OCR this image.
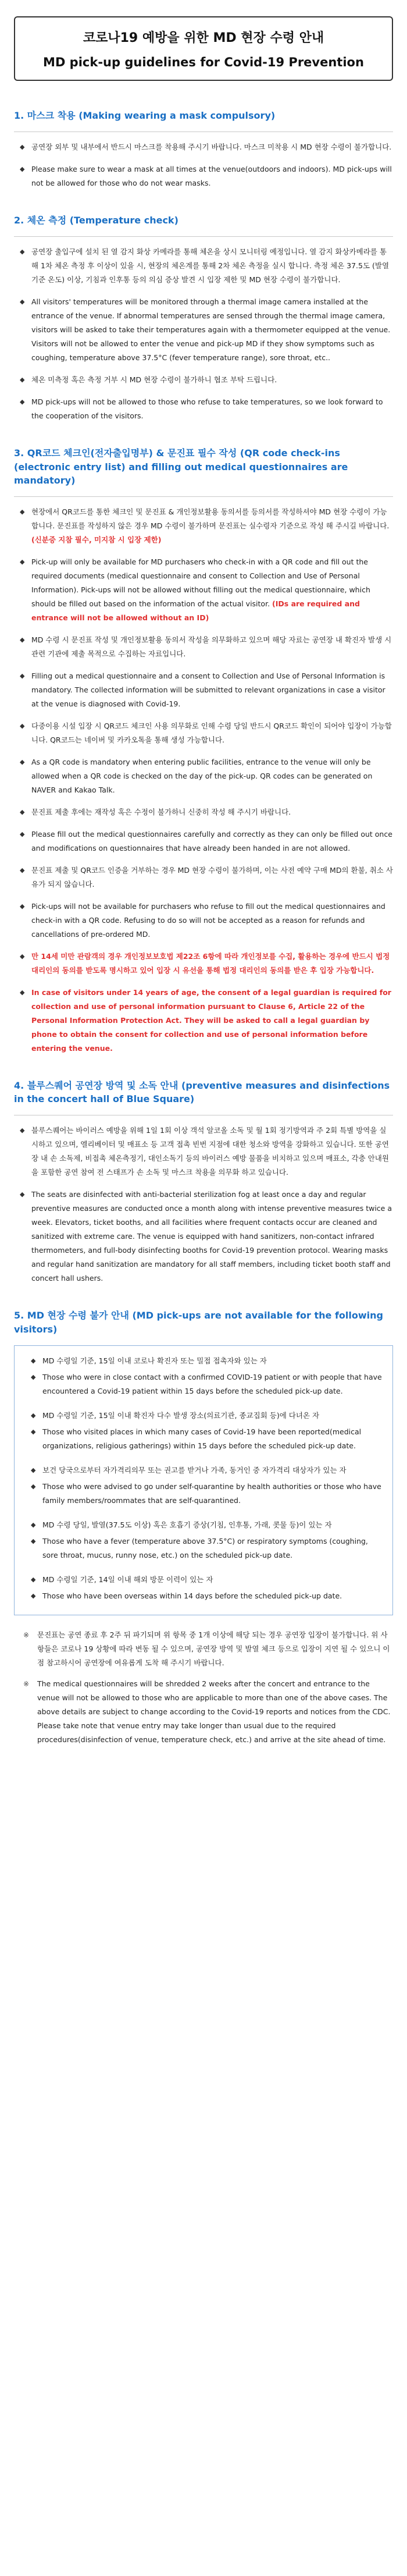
코로나19 예방을 위한 MD 현장 수령 안내
MD pick-up guidelines for Covid-19 Prevention
1. 마스크 착용 (Making wearing a mask compulsory)
◆ 공연장 외부 및 내부에서 반드시 마스크를 착용해 주시기 바랍니다. 마스크 미착용 시 MD 현장 수령이 불가합니다.
◆ Please make sure to wear a mask at all times at the venue(outdoors and indoors). MD pick-ups will not be allowed for those who do not wear masks.
2. 체온 측정 (Temperature check)
◆ 공연장 출입구에 설치 된 열 감지 화상 카메라를 통해 체온을 상시 모니터링 예정입니다. 열 감지 화상카메라를 통해 1차 체온 측정 후 이상이 있을 시, 현장의 체온계를 통해 2차 체온 측정을 실시 합니다. 측정 체온 37.5도 (발열기준 온도) 이상, 기침과 인후통 등의 의심 증상 발견 시 입장 제한 및 MD 현장 수령이 불가합니다.
◆ All visitors' temperatures will be monitored through a thermal image camera installed at the entrance of the venue. If abnormal temperatures are sensed through the thermal image camera, visitors will be asked to take their temperatures again with a thermometer equipped at the venue. Visitors will not be allowed to enter the venue and pick-up MD if they show symptoms such as coughing, temperature above 37.5°C (fever temperature range), sore throat, etc..
◆ 체온 미측정 혹은 측정 거부 시 MD 현장 수령이 불가하니 협조 부탁 드립니다.
◆ MD pick-ups will not be allowed to those who refuse to take temperatures, so we look forward to the cooperation of the visitors.
3. QR코드 체크인(전자출입명부) & 문진표 필수 작성 (QR code check-ins (electronic entry list) and filling out medical questionnaires are mandatory)
◆ 현장에서 QR코드를 통한 체크인 및 문진표 & 개인정보활용 동의서를 등의서를 작성하셔야 MD 현장 수령이 가능합니다. 문진표를 작성하지 않은 경우 MD 수령이 불가하며 문진표는 실수령자 기준으로 작성 해 주시길 바랍니다. (신분증 지참 필수, 미지참 시 입장 제한)
◆ Pick-up will only be available for MD purchasers who check-in with a QR code and fill out the required documents (medical questionnaire and consent to Collection and Use of Personal Information). Pick-ups will not be allowed without filling out the medical questionnaire, which should be filled out based on the information of the actual visitor. (IDs are required and entrance will not be allowed without an ID)
◆ MD 수령 시 문진표 작성 및 개인정보활용 동의서 작성을 의무화하고 있으며 해당 자료는 공연장 내 확진자 발생 시 관련 기관에 제출 목적으로 수집하는 자료입니다.
◆ Filling out a medical questionnaire and a consent to Collection and Use of Personal Information is mandatory. The collected information will be submitted to relevant organizations in case a visitor at the venue is diagnosed with Covid-19.
◆ 다중이용 시설 입장 시 QR코드 체크인 사용 의무화로 인해 수령 당일 반드시 QR코드 확인이 되어야 입장이 가능합니다. QR코드는 네이버 및 카카오톡을 통해 생성 가능합니다.
◆ As a QR code is mandatory when entering public facilities, entrance to the venue will only be allowed when a QR code is checked on the day of the pick-up. QR codes can be generated on NAVER and Kakao Talk.
◆ 문진표 제출 후에는 재작성 혹은 수정이 불가하니 신중히 작성 해 주시기 바랍니다.
◆ Please fill out the medical questionnaires carefully and correctly as they can only be filled out once and modifications on questionnaires that have already been handed in are not allowed.
◆ 문진표 제출 및 QR코드 인증을 거부하는 경우 MD 현장 수령이 불가하며, 이는 사전 예약 구매 MD의 환불, 취소 사유가 되지 않습니다.
◆ Pick-ups will not be available for purchasers who refuse to fill out the medical questionnaires and check-in with a QR code. Refusing to do so will not be accepted as a reason for refunds and cancellations of pre-ordered MD.
◆ 만 14세 미만 관람객의 경우 개인정보보호법 제22조 6항에 따라 개인정보를 수집, 활용하는 경우에 반드시 법정 대리인의 동의를 받도록 명시하고 있어 입장 시 유선을 통해 법정 대리인의 동의를 받은 후 입장 가능합니다.
◆ In case of visitors under 14 years of age, the consent of a legal guardian is required for collection and use of personal information pursuant to Clause 6, Article 22 of the Personal Information Protection Act. They will be asked to call a legal guardian by phone to obtain the consent for collection and use of personal information before entering the venue.
4. 블루스퀘어 공연장 방역 및 소독 안내 (preventive measures and disinfections in the concert hall of Blue Square)
◆ 블루스퀘어는 바이러스 예방을 위해 1일 1회 이상 객석 알코올 소독 및 월 1회 정기방역과 주 2회 특별 방역을 실시하고 있으며, 엘리베이터 및 매표소 등 고객 접촉 빈번 지점에 대한 청소와 방역을 강화하고 있습니다. 또한 공연장 내 손 소독제, 비접촉 체온측정기, 대인소독기 등의 바이러스 예방 물품을 비치하고 있으며 매표소, 각층 안내원을 포함한 공연 참여 전 스태프가 손 소독 및 마스크 착용을 의무화 하고 있습니다.
◆ The seats are disinfected with anti-bacterial sterilization fog at least once a day and regular preventive measures are conducted once a month along with intense preventive measures twice a week. Elevators, ticket booths, and all facilities where frequent contacts occur are cleaned and sanitized with extreme care. The venue is equipped with hand sanitizers, non-contact infrared thermometers, and full-body disinfecting booths for Covid-19 prevention protocol. Wearing masks and regular hand sanitization are mandatory for all staff members, including ticket booth staff and concert hall ushers.
5. MD 현장 수령 불가 안내 (MD pick-ups are not available for the following visitors)
◆ MD 수령일 기준, 15일 이내 코로나 확진자 또는 밀접 접촉자와 있는 자
◆ Those who were in close contact with a confirmed COVID-19 patient or with people that have encountered a Covid-19 patient within 15 days before the scheduled pick-up date.
◆ MD 수령일 기준, 15일 이내 확진자 다수 발생 장소(의료기관, 종교집회 등)에 다녀온 자
◆ Those who visited places in which many cases of Covid-19 have been reported(medical organizations, religious gatherings) within 15 days before the scheduled pick-up date.
◆ 보건 당국으로부터 자가격리의무 또는 권고를 받거나 가족, 동거인 중 자가격리 대상자가 있는 자
◆ Those who were advised to go under self-quarantine by health authorities or those who have family members/roommates that are self-quarantined.
◆ MD 수령 당일, 발열(37.5도 이상) 혹은 호흡기 증상(기침, 인후통, 가래, 콧물 등)이 있는 자
◆ Those who have a fever (temperature above 37.5°C) or respiratory symptoms (coughing, sore throat, mucus, runny nose, etc.) on the scheduled pick-up date.
◆ MD 수령일 기준, 14일 이내 해외 방문 이력이 있는 자
◆ Those who have been overseas within 14 days before the scheduled pick-up date.
※ 문진표는 공연 종료 후 2주 뒤 파기되며 위 항목 중 1개 이상에 해당 되는 경우 공연장 입장이 불가합니다. 위 사항들은 코로나 19 상황에 따라 변동 될 수 있으며, 공연장 방역 및 발열 체크 등으로 입장이 지연 될 수 있으니 이점 참고하시어 공연장에 여유롭게 도착 해 주시기 바랍니다.
※ The medical questionnaires will be shredded 2 weeks after the concert and entrance to the venue will not be allowed to those who are applicable to more than one of the above cases. The above details are subject to change according to the Covid-19 reports and notices from the CDC. Please take note that venue entry may take longer than usual due to the required procedures(disinfection of venue, temperature check, etc.) and arrive at the site ahead of time.
